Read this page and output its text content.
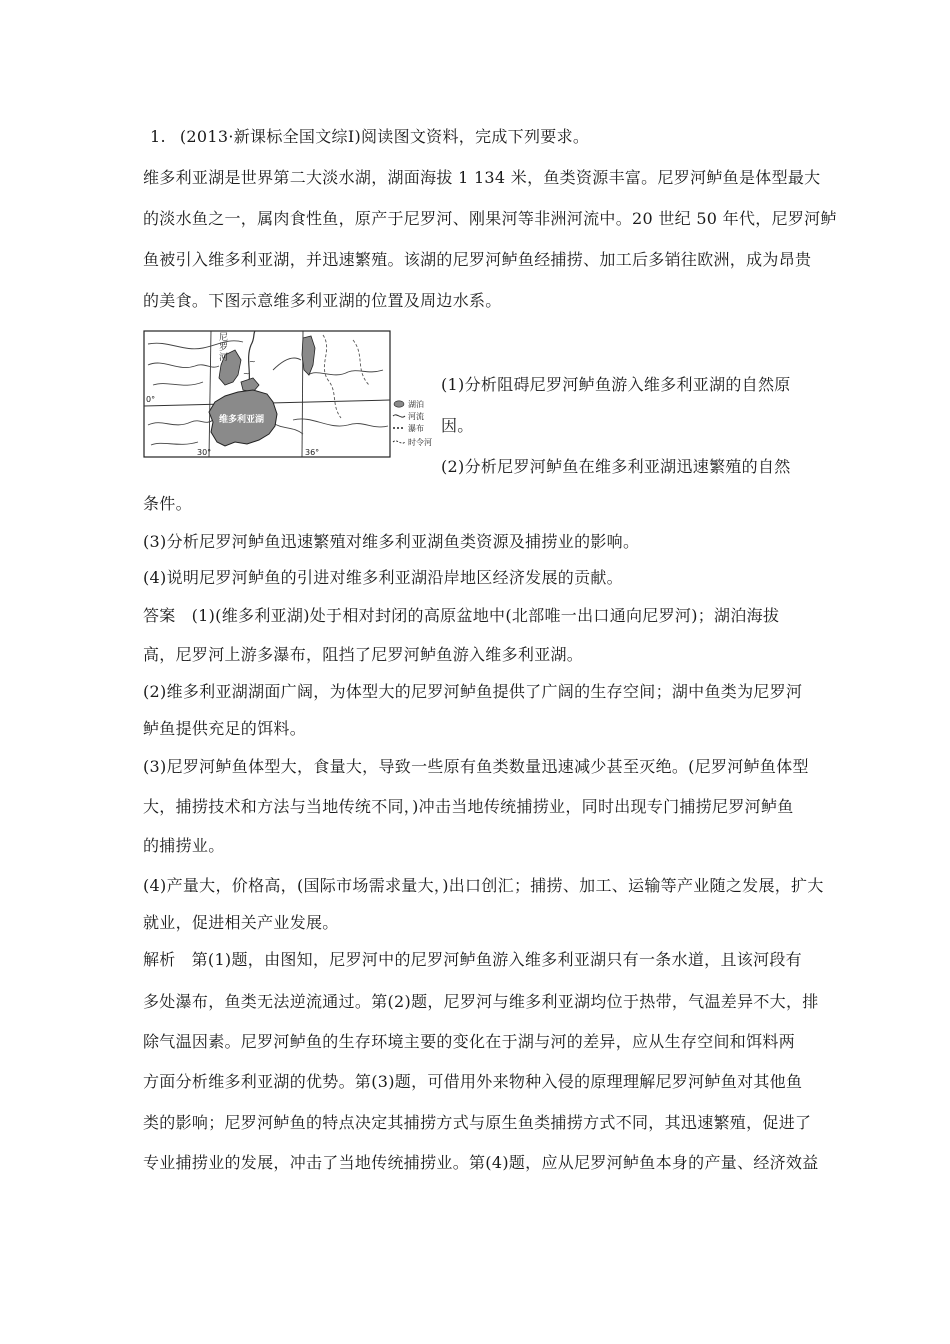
1. (2013·新课标全国文综Ⅰ)阅读图文资料，完成下列要求。
维多利亚湖是世界第二大淡水湖，湖面海拔 1 134 米，鱼类资源丰富。尼罗河鲈鱼是体型最大
的淡水鱼之一，属肉食性鱼，原产于尼罗河、刚果河等非洲河流中。20 世纪 50 年代，尼罗河鲈
鱼被引入维多利亚湖，并迅速繁殖。该湖的尼罗河鲈鱼经捕捞、加工后多销往欧洲，成为昂贵
的美食。下图示意维多利亚湖的位置及周边水系。
~
~
尼
罗
河
维多利亚湖
0°
30°	36°
湖泊
河流
瀑布
时令河
(1)分析阻碍尼罗河鲈鱼游入维多利亚湖的自然原
因。
(2)分析尼罗河鲈鱼在维多利亚湖迅速繁殖的自然
条件。
(3)分析尼罗河鲈鱼迅速繁殖对维多利亚湖鱼类资源及捕捞业的影响。
(4)说明尼罗河鲈鱼的引进对维多利亚湖沿岸地区经济发展的贡献。
答案 (1)(维多利亚湖)处于相对封闭的高原盆地中(北部唯一出口通向尼罗河)；湖泊海拔
高，尼罗河上游多瀑布，阻挡了尼罗河鲈鱼游入维多利亚湖。
(2)维多利亚湖湖面广阔，为体型大的尼罗河鲈鱼提供了广阔的生存空间；湖中鱼类为尼罗河
鲈鱼提供充足的饵料。
(3)尼罗河鲈鱼体型大，食量大，导致一些原有鱼类数量迅速减少甚至灭绝。(尼罗河鲈鱼体型
大，捕捞技术和方法与当地传统不同，)冲击当地传统捕捞业，同时出现专门捕捞尼罗河鲈鱼
的捕捞业。
(4)产量大，价格高，(国际市场需求量大，)出口创汇；捕捞、加工、运输等产业随之发展，扩大
就业，促进相关产业发展。
解析 第(1)题，由图知，尼罗河中的尼罗河鲈鱼游入维多利亚湖只有一条水道，且该河段有
多处瀑布，鱼类无法逆流通过。第(2)题，尼罗河与维多利亚湖均位于热带，气温差异不大，排
除气温因素。尼罗河鲈鱼的生存环境主要的变化在于湖与河的差异，应从生存空间和饵料两
方面分析维多利亚湖的优势。第(3)题，可借用外来物种入侵的原理理解尼罗河鲈鱼对其他鱼
类的影响；尼罗河鲈鱼的特点决定其捕捞方式与原生鱼类捕捞方式不同，其迅速繁殖，促进了
专业捕捞业的发展，冲击了当地传统捕捞业。第(4)题，应从尼罗河鲈鱼本身的产量、经济效益
